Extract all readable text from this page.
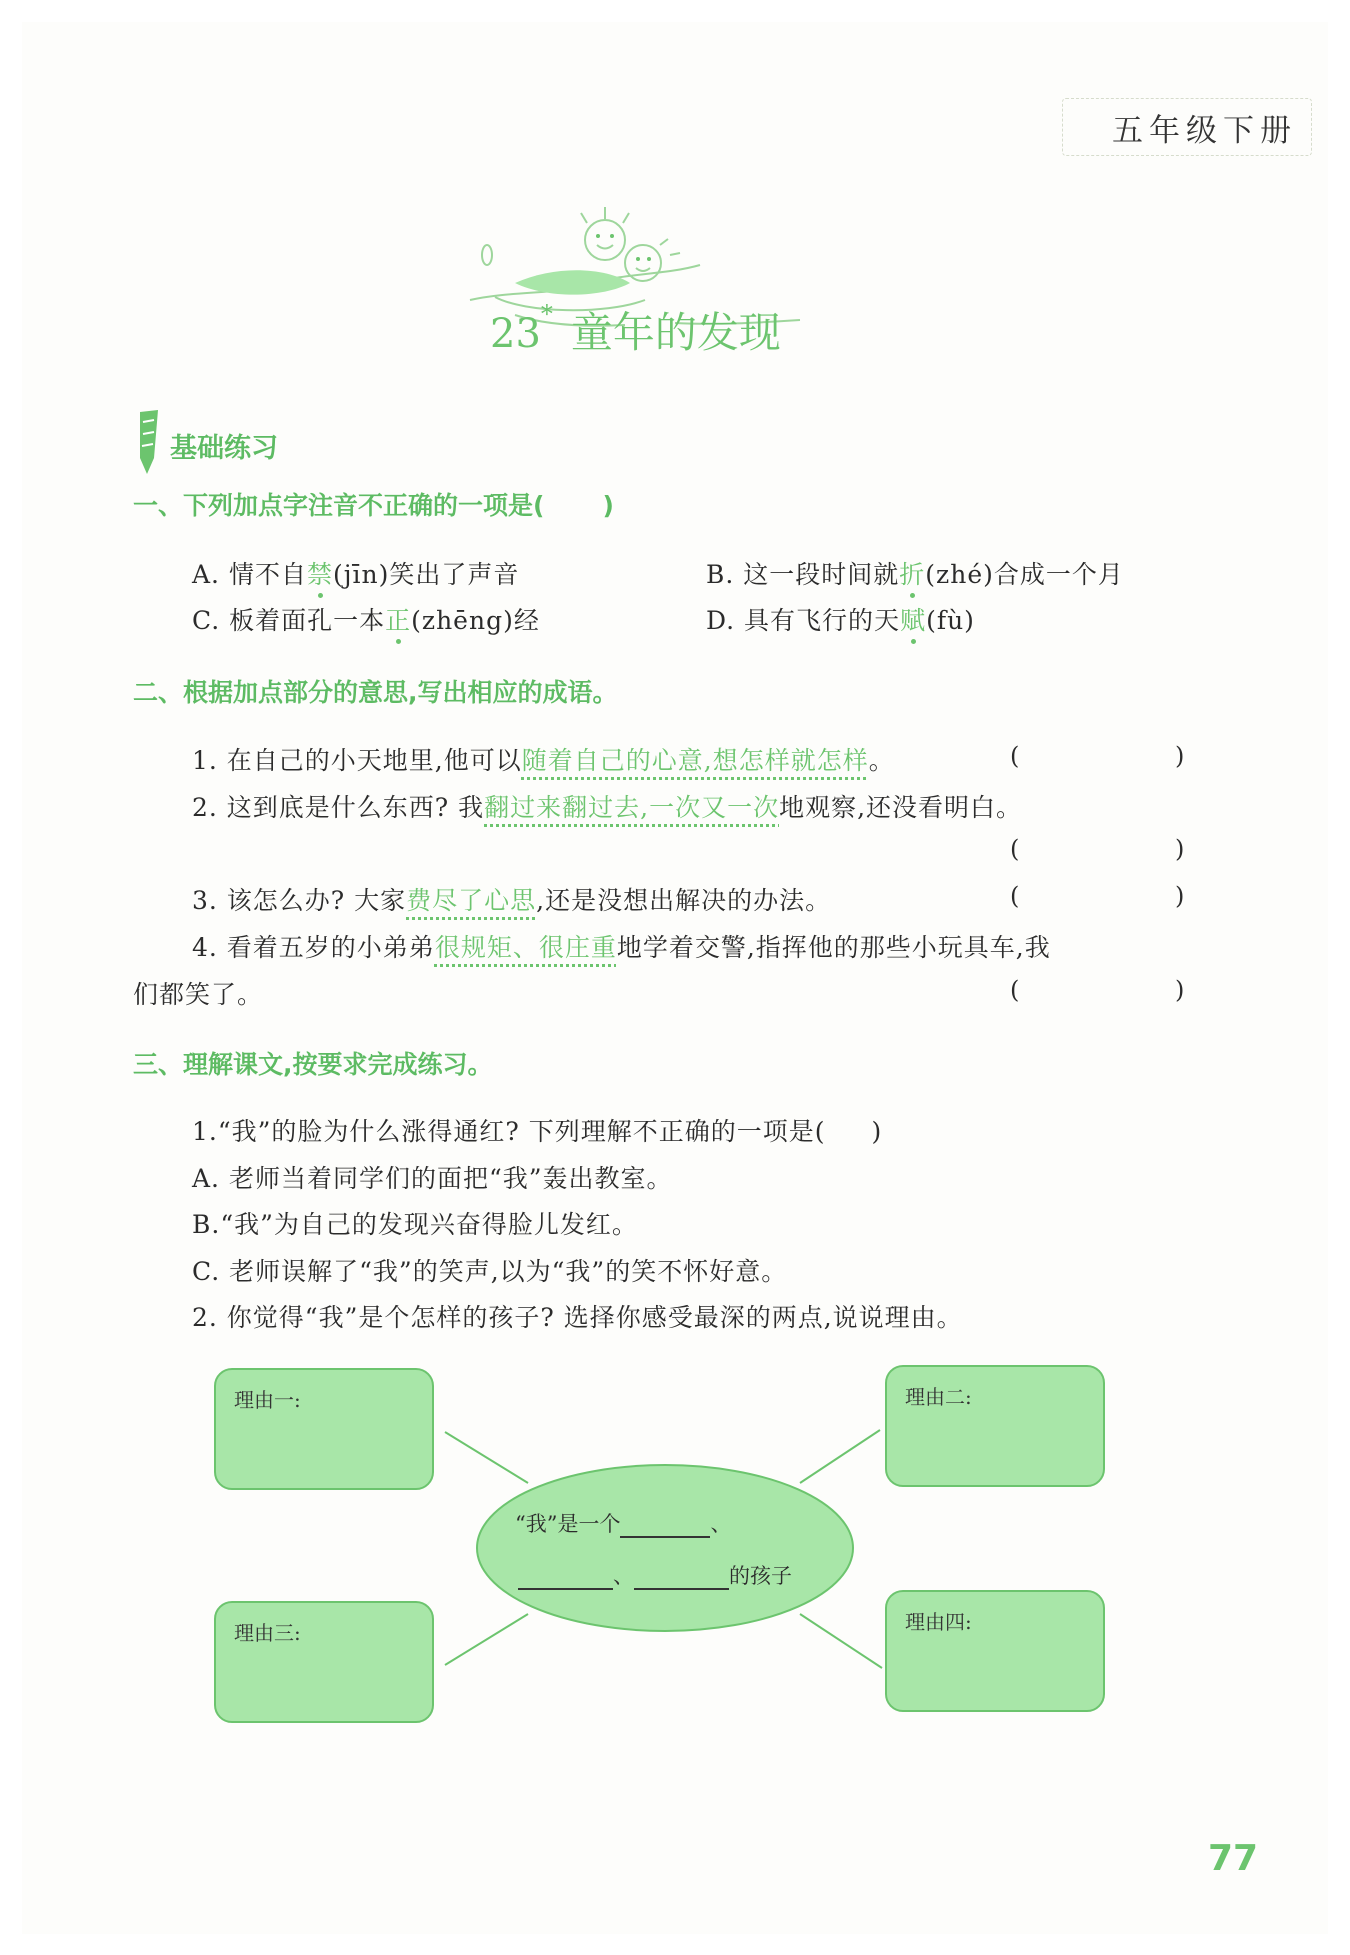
五年级下册
23* 童年的发现
基础练习
一、下列加点字注音不正确的一项是( )
A. 情不自禁(jīn)笑出了声音	B. 这一段时间就折(zhé)合成一个月
C. 板着面孔一本正(zhēng)经	D. 具有飞行的天赋(fù)
二、根据加点部分的意思,写出相应的成语。
1. 在自己的小天地里,他可以随着自己的心意,想怎样就怎样。	(	)
2. 这到底是什么东西? 我翻过来翻过去,一次又一次地观察,还没看明白。
(	)
3. 该怎么办? 大家费尽了心思,还是没想出解决的办法。	(	)
4. 看着五岁的小弟弟很规矩、很庄重地学着交警,指挥他的那些小玩具车,我
们都笑了。	(	)
三、理解课文,按要求完成练习。
1.“我”的脸为什么涨得通红? 下列理解不正确的一项是( )
A. 老师当着同学们的面把“我”轰出教室。
B.“我”为自己的发现兴奋得脸儿发红。
C. 老师误解了“我”的笑声,以为“我”的笑不怀好意。
2. 你觉得“我”是个怎样的孩子? 选择你感受最深的两点,说说理由。
理由一:	理由二:
理由三:	理由四:
“我”是一个	、
、	的孩子
77
